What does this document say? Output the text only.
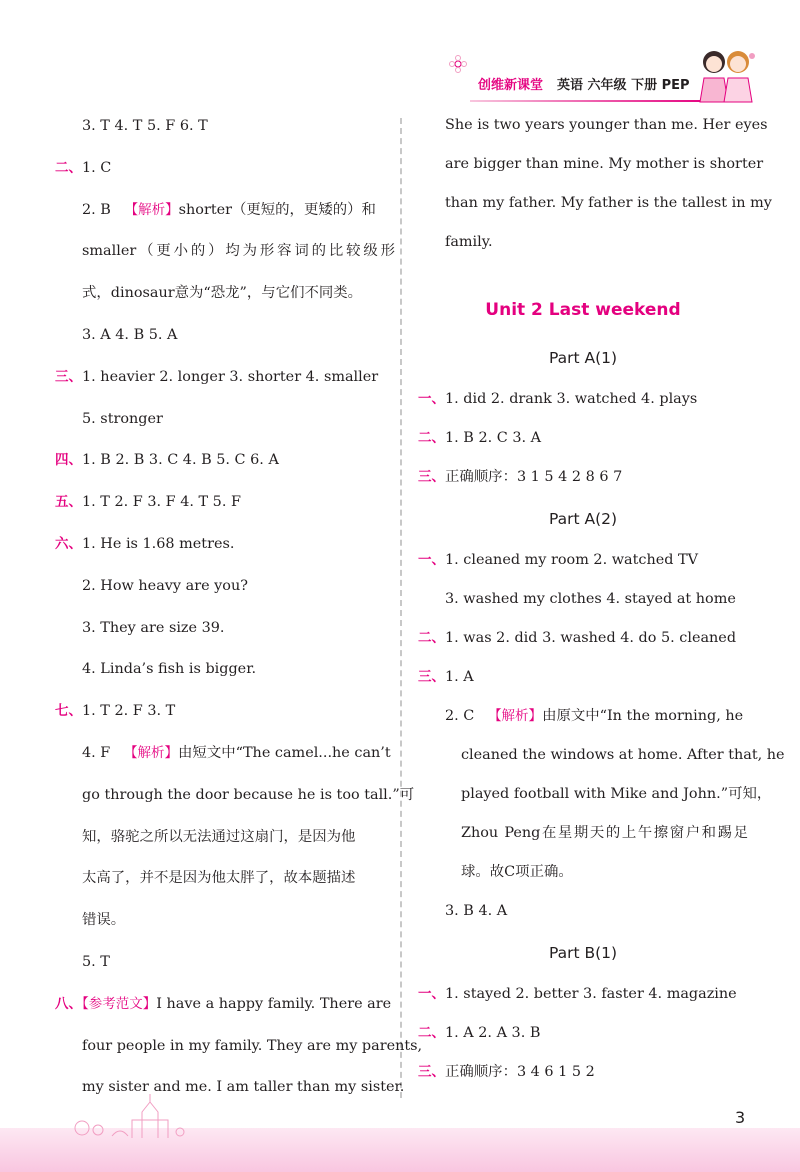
创维新课堂 英语 六年级 下册 PEP
3. T 4. T 5. F 6. T
二、1. C
2. B 【解析】shorter（更短的，更矮的）和
smaller（更小的）均为形容词的比较级形
式，dinosaur意为“恐龙”，与它们不同类。
3. A 4. B 5. A
三、1. heavier 2. longer 3. shorter 4. smaller
5. stronger
四、1. B 2. B 3. C 4. B 5. C 6. A
五、1. T 2. F 3. F 4. T 5. F
六、1. He is 1.68 metres.
2. How heavy are you?
3. They are size 39.
4. Linda’s fish is bigger.
七、1. T 2. F 3. T
4. F 【解析】由短文中“The camel...he can’t
go through the door because he is too tall.”可
知，骆驼之所以无法通过这扇门，是因为他
太高了，并不是因为他太胖了，故本题描述
错误。
5. T
八、【参考范文】I have a happy family. There are
four people in my family. They are my parents,
my sister and me. I am taller than my sister.
She is two years younger than me. Her eyes
are bigger than mine. My mother is shorter
than my father. My father is the tallest in my
family.
Unit 2 Last weekend
Part A(1)
一、1. did 2. drank 3. watched 4. plays
二、1. B 2. C 3. A
三、正确顺序：3 1 5 4 2 8 6 7
Part A(2)
一、1. cleaned my room 2. watched TV
3. washed my clothes 4. stayed at home
二、1. was 2. did 3. washed 4. do 5. cleaned
三、1. A
2. C 【解析】由原文中“In the morning, he
cleaned the windows at home. After that, he
played football with Mike and John.”可知，
Zhou Peng在星期天的上午擦窗户和踢足
球。故C项正确。
3. B 4. A
Part B(1)
一、1. stayed 2. better 3. faster 4. magazine
二、1. A 2. A 3. B
三、正确顺序：3 4 6 1 5 2
3
